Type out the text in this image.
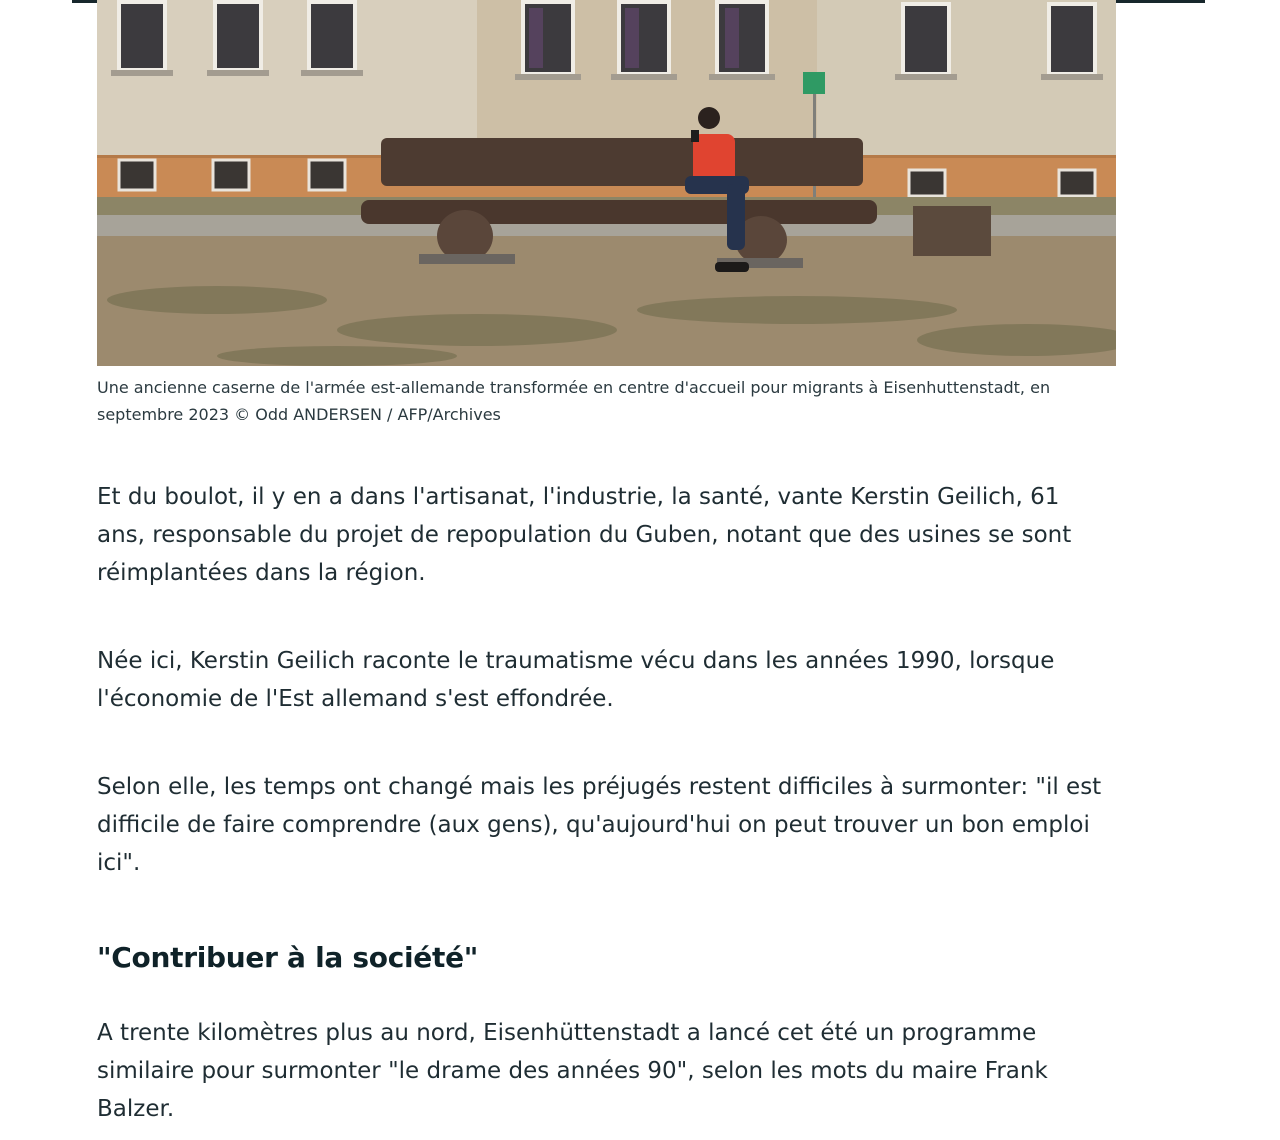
Une ancienne caserne de l'armée est-allemande transformée en centre d'accueil pour migrants à Eisenhuttenstadt, en septembre 2023 © Odd ANDERSEN / AFP/Archives

Et du boulot, il y en a dans l'artisanat, l'industrie, la santé, vante Kerstin Geilich, 61 ans, responsable du projet de repopulation du Guben, notant que des usines se sont réimplantées dans la région.

Née ici, Kerstin Geilich raconte le traumatisme vécu dans les années 1990, lorsque l'économie de l'Est allemand s'est effondrée.

Selon elle, les temps ont changé mais les préjugés restent difficiles à surmonter: "il est difficile de faire comprendre (aux gens), qu'aujourd'hui on peut trouver un bon emploi ici".

"Contribuer à la société"

A trente kilomètres plus au nord, Eisenhüttenstadt a lancé cet été un programme similaire pour surmonter "le drame des années 90", selon les mots du maire Frank Balzer.
